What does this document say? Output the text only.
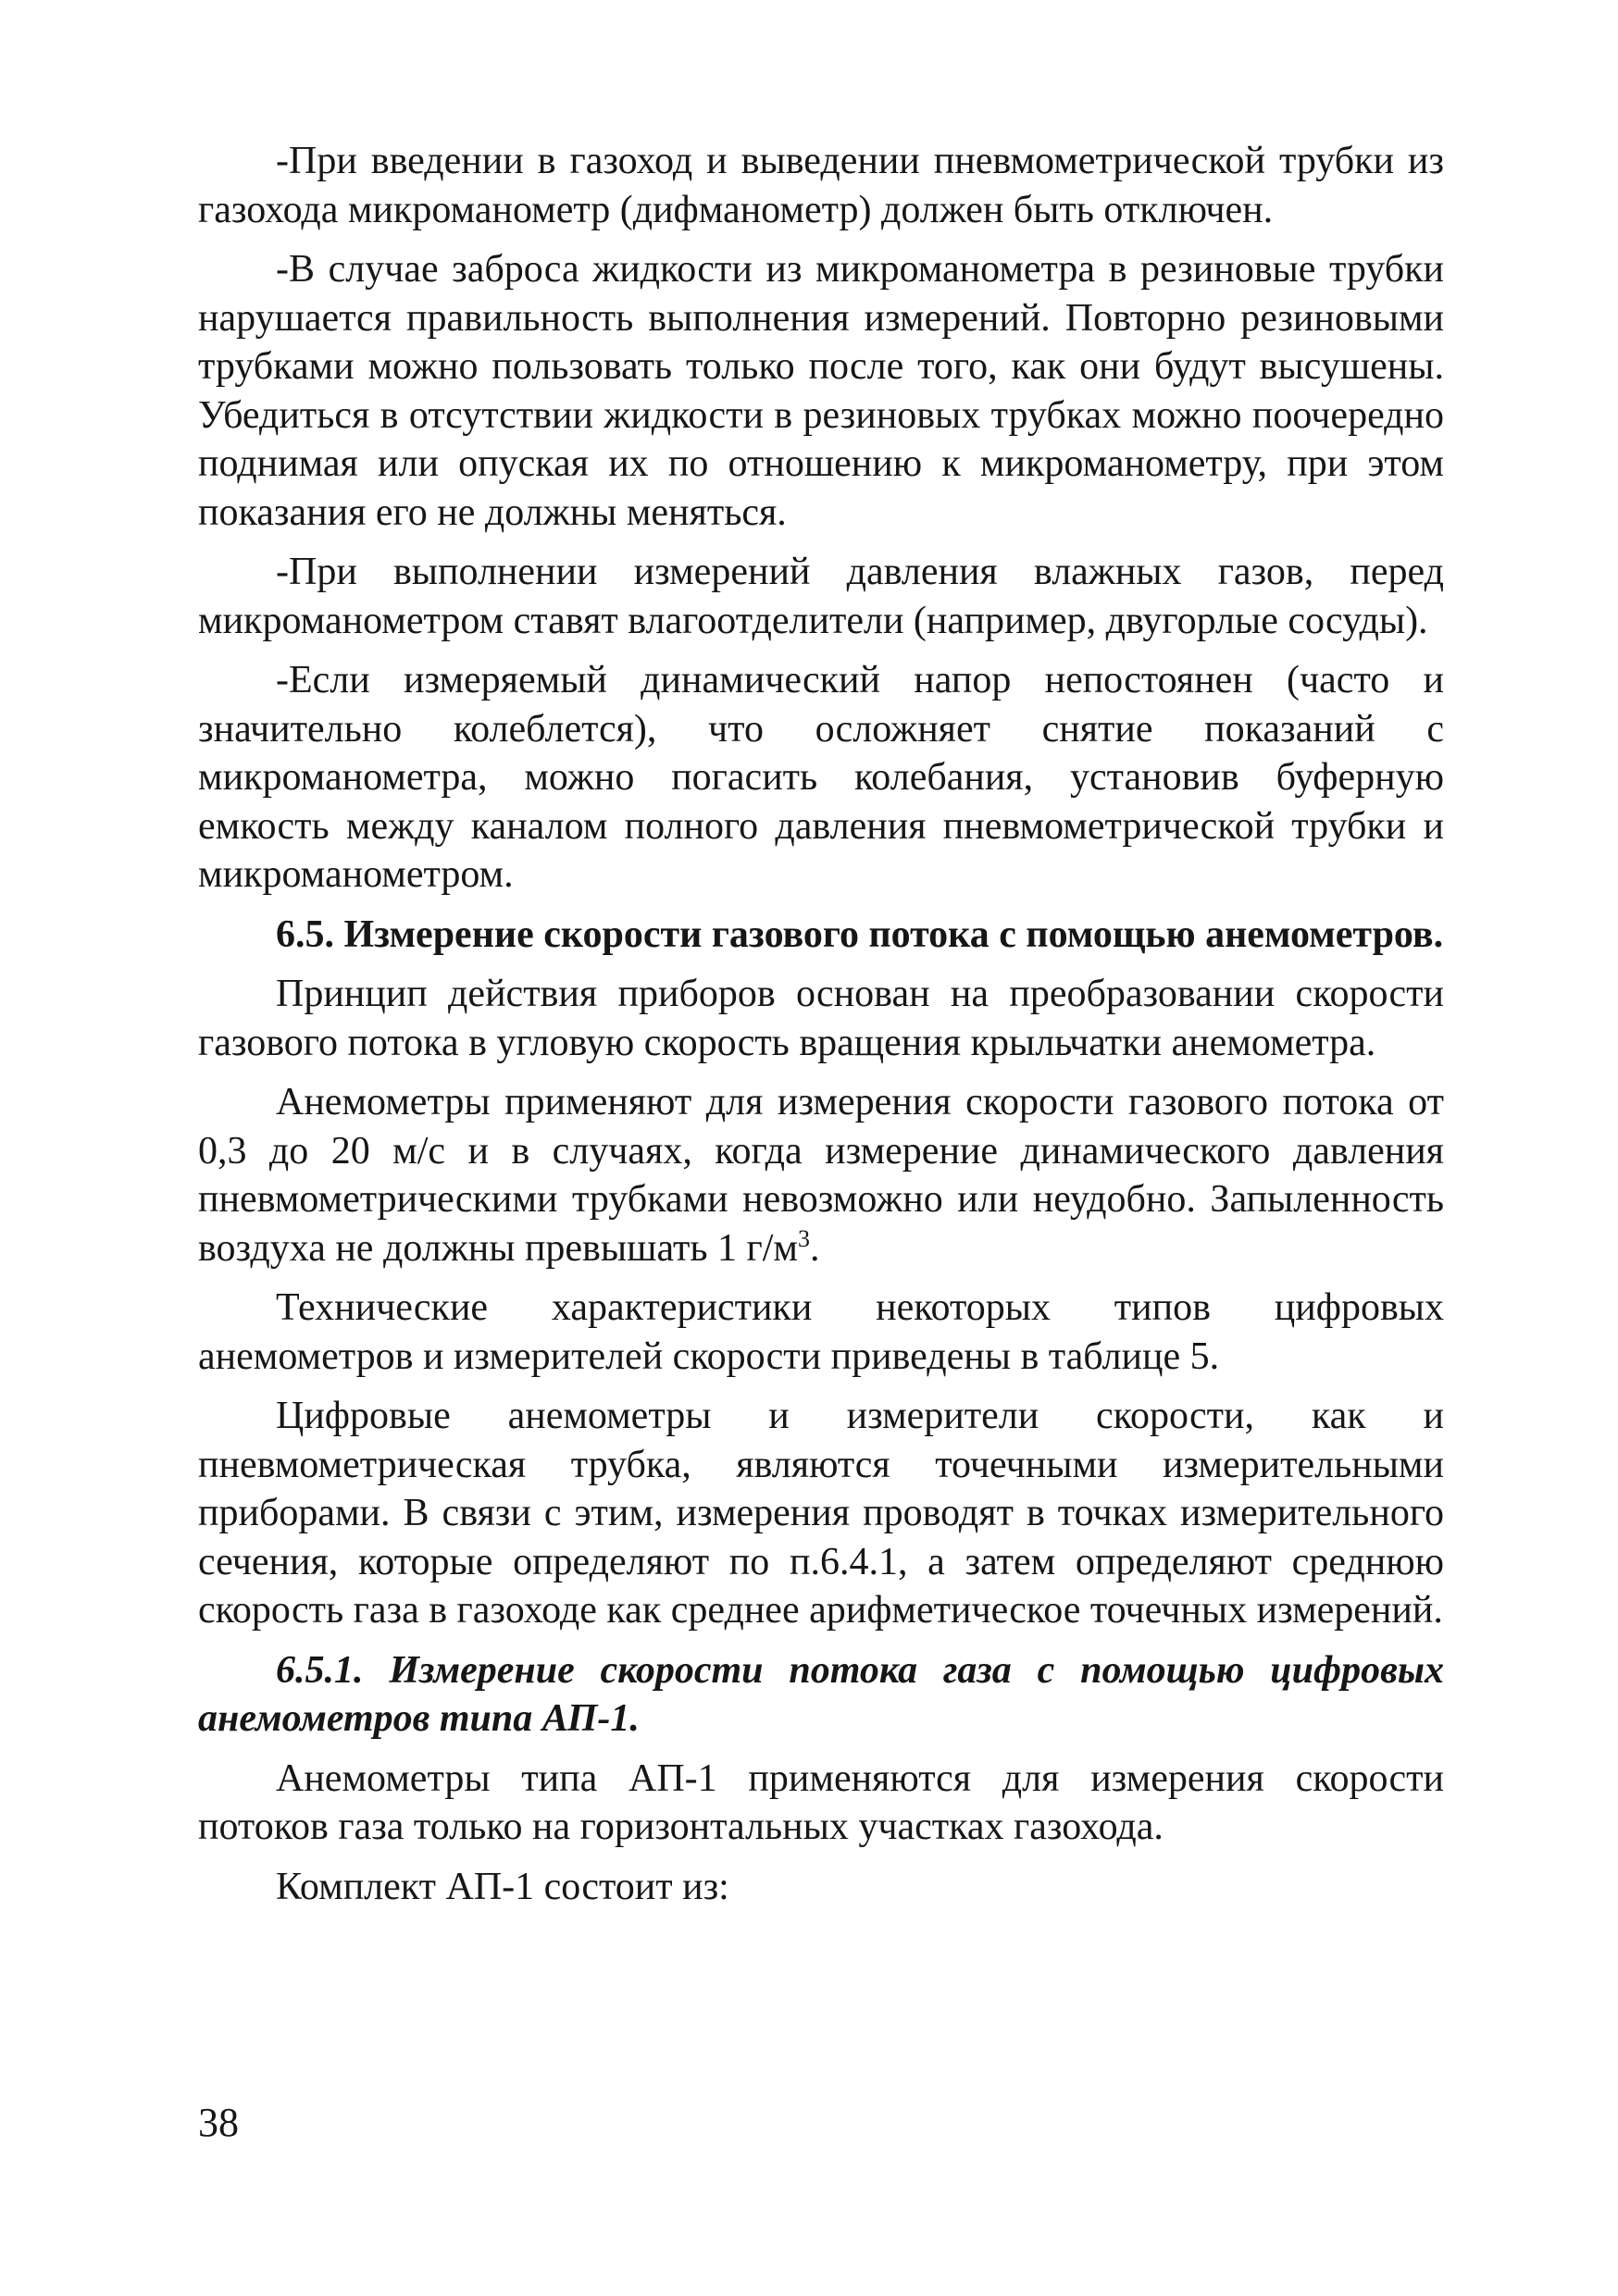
-При введении в газоход и выведении пневмометрической трубки из газохода микроманометр (дифманометр) должен быть отключен.

-В случае заброса жидкости из микроманометра в резиновые трубки нарушается правильность выполнения измерений. Повторно резиновыми трубками можно пользовать только после того, как они будут высушены. Убедиться в отсутствии жидкости в резиновых трубках можно поочередно поднимая или опуская их по отношению к микроманометру, при этом показания его не должны меняться.

-При выполнении измерений давления влажных газов, перед микроманометром ставят влагоотделители (например, двугорлые сосуды).

-Если измеряемый динамический напор непостоянен (часто и значительно колеблется), что осложняет снятие показаний с микроманометра, можно погасить колебания, установив буферную емкость между каналом полного давления пневмометрической трубки и микроманометром.

6.5. Измерение скорости газового потока с помощью анемометров.

Принцип действия приборов основан на преобразовании скорости газового потока в угловую скорость вращения крыльчатки анемометра.

Анемометры применяют для измерения скорости газового потока от 0,3 до 20 м/с и в случаях, когда измерение динамического давления пневмометрическими трубками невозможно или неудобно. Запыленность воздуха не должны превышать 1 $г/м^3$.

Технические характеристики некоторых типов цифровых анемометров и измерителей скорости приведены в таблице 5.

Цифровые анемометры и измерители скорости, как и пневмометрическая трубка, являются точечными измерительными приборами. В связи с этим, измерения проводят в точках измерительного сечения, которые определяют по п.6.4.1, а затем определяют среднюю скорость газа в газоходе как среднее арифметическое точечных измерений.

6.5.1. Измерение скорости потока газа с помощью цифровых анемометров типа АП-1.

Анемометры типа АП-1 применяются для измерения скорости потоков газа только на горизонтальных участках газохода.

Комплект АП-1 состоит из:

38
